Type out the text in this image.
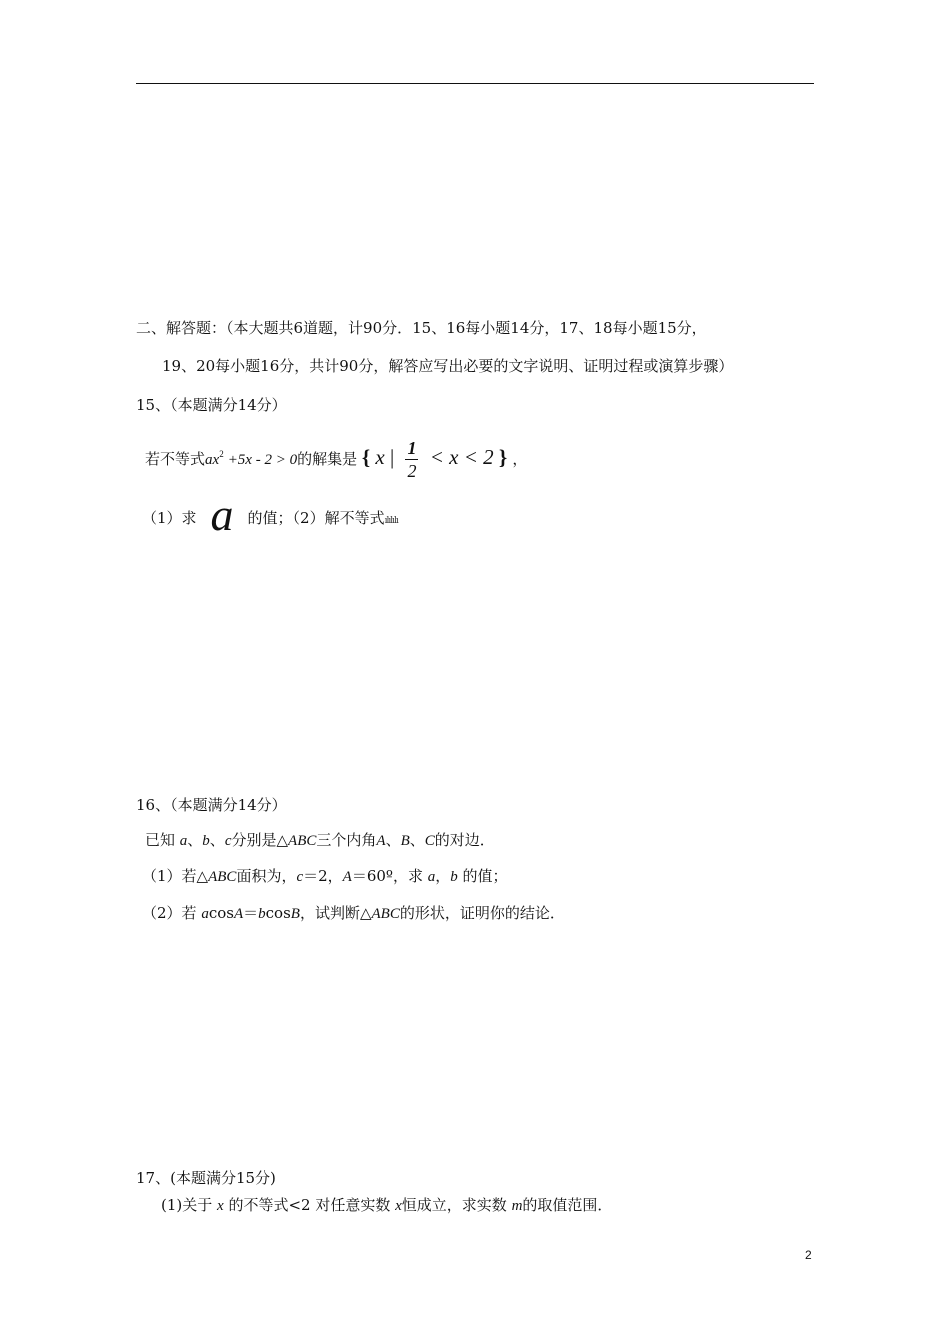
二、解答题：（本大题共6道题，计90分．15、16每小题14分，17、18每小题15分，
19、20每小题16分，共计90分，解答应写出必要的文字说明、证明过程或演算步骤）
15、（本题满分14分）
若不等式$ax^2 +5x - 2 > 0$的解集是 { x | $\frac{1}{2} < x < 2$ } ，
（1）求 a 的值；（2）解不等式ılılılı
16、（本题满分14分）
已知 a、b、c分别是△ABC三个内角A、B、C的对边．
（1）若△ABC面积为，c＝2，A＝60º，求 a，b 的值；
（2）若 acosA＝bcosB，试判断△ABC的形状，证明你的结论．
17、(本题满分15分)
(1)关于 x 的不等式<2 对任意实数 x恒成立，求实数 m的取值范围．
2
